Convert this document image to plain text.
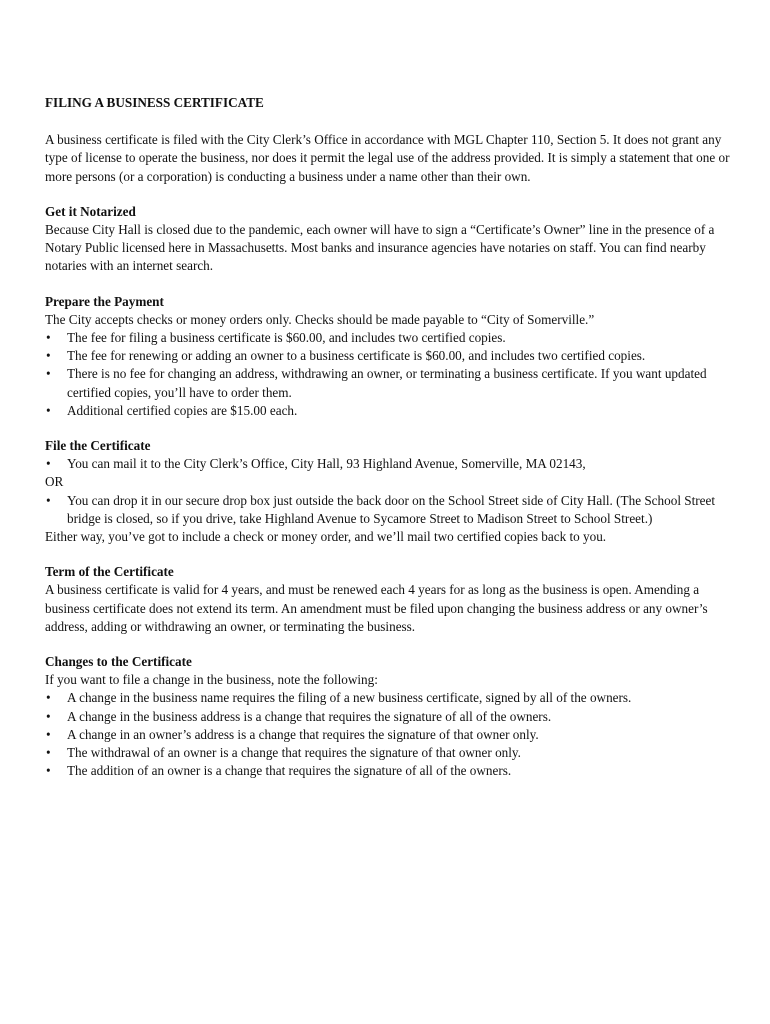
FILING A BUSINESS CERTIFICATE

A business certificate is filed with the City Clerk’s Office in accordance with MGL Chapter 110, Section 5. It does not grant any type of license to operate the business, nor does it permit the legal use of the address provided. It is simply a statement that one or more persons (or a corporation) is conducting a business under a name other than their own.

Get it Notarized

Because City Hall is closed due to the pandemic, each owner will have to sign a “Certificate’s Owner” line in the presence of a Notary Public licensed here in Massachusetts. Most banks and insurance agencies have notaries on staff. You can find nearby notaries with an internet search.

Prepare the Payment

The City accepts checks or money orders only. Checks should be made payable to “City of Somerville.”

• The fee for filing a business certificate is $60.00, and includes two certified copies.
• The fee for renewing or adding an owner to a business certificate is $60.00, and includes two certified copies.
• There is no fee for changing an address, withdrawing an owner, or terminating a business certificate. If you want updated certified copies, you’ll have to order them.
• Additional certified copies are $15.00 each.

File the Certificate

• You can mail it to the City Clerk’s Office, City Hall, 93 Highland Avenue, Somerville, MA 02143,

OR

• You can drop it in our secure drop box just outside the back door on the School Street side of City Hall. (The School Street bridge is closed, so if you drive, take Highland Avenue to Sycamore Street to Madison Street to School Street.)

Either way, you’ve got to include a check or money order, and we’ll mail two certified copies back to you.

Term of the Certificate

A business certificate is valid for 4 years, and must be renewed each 4 years for as long as the business is open. Amending a business certificate does not extend its term. An amendment must be filed upon changing the business address or any owner’s address, adding or withdrawing an owner, or terminating the business.

Changes to the Certificate

If you want to file a change in the business, note the following:

• A change in the business name requires the filing of a new business certificate, signed by all of the owners.
• A change in the business address is a change that requires the signature of all of the owners.
• A change in an owner’s address is a change that requires the signature of that owner only.
• The withdrawal of an owner is a change that requires the signature of that owner only.
• The addition of an owner is a change that requires the signature of all of the owners.
